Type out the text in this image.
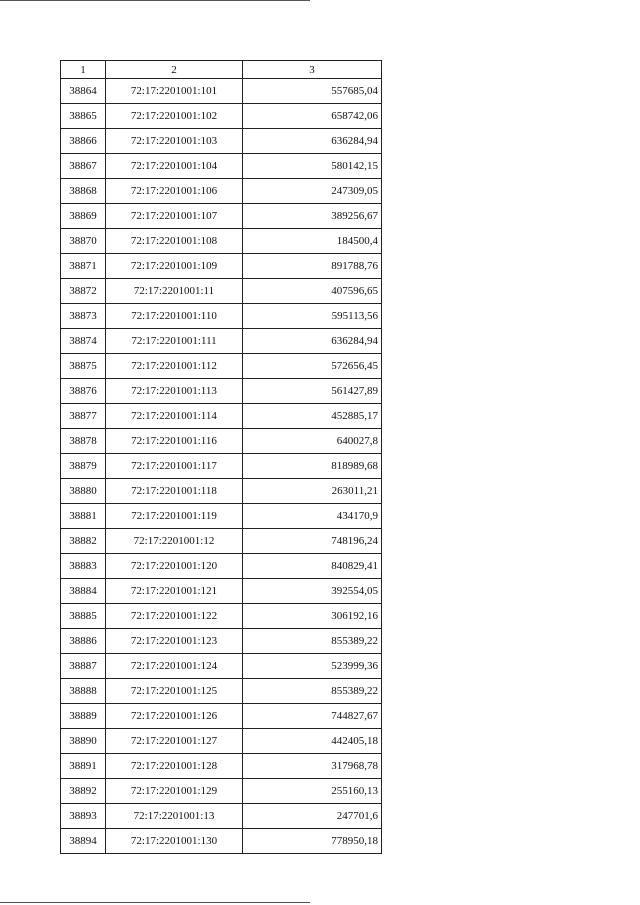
1	2	3
38864	72:17:2201001:101	557685,04
38865	72:17:2201001:102	658742,06
38866	72:17:2201001:103	636284,94
38867	72:17:2201001:104	580142,15
38868	72:17:2201001:106	247309,05
38869	72:17:2201001:107	389256,67
38870	72:17:2201001:108	184500,4
38871	72:17:2201001:109	891788,76
38872	72:17:2201001:11	407596,65
38873	72:17:2201001:110	595113,56
38874	72:17:2201001:111	636284,94
38875	72:17:2201001:112	572656,45
38876	72:17:2201001:113	561427,89
38877	72:17:2201001:114	452885,17
38878	72:17:2201001:116	640027,8
38879	72:17:2201001:117	818989,68
38880	72:17:2201001:118	263011,21
38881	72:17:2201001:119	434170,9
38882	72:17:2201001:12	748196,24
38883	72:17:2201001:120	840829,41
38884	72:17:2201001:121	392554,05
38885	72:17:2201001:122	306192,16
38886	72:17:2201001:123	855389,22
38887	72:17:2201001:124	523999,36
38888	72:17:2201001:125	855389,22
38889	72:17:2201001:126	744827,67
38890	72:17:2201001:127	442405,18
38891	72:17:2201001:128	317968,78
38892	72:17:2201001:129	255160,13
38893	72:17:2201001:13	247701,6
38894	72:17:2201001:130	778950,18
